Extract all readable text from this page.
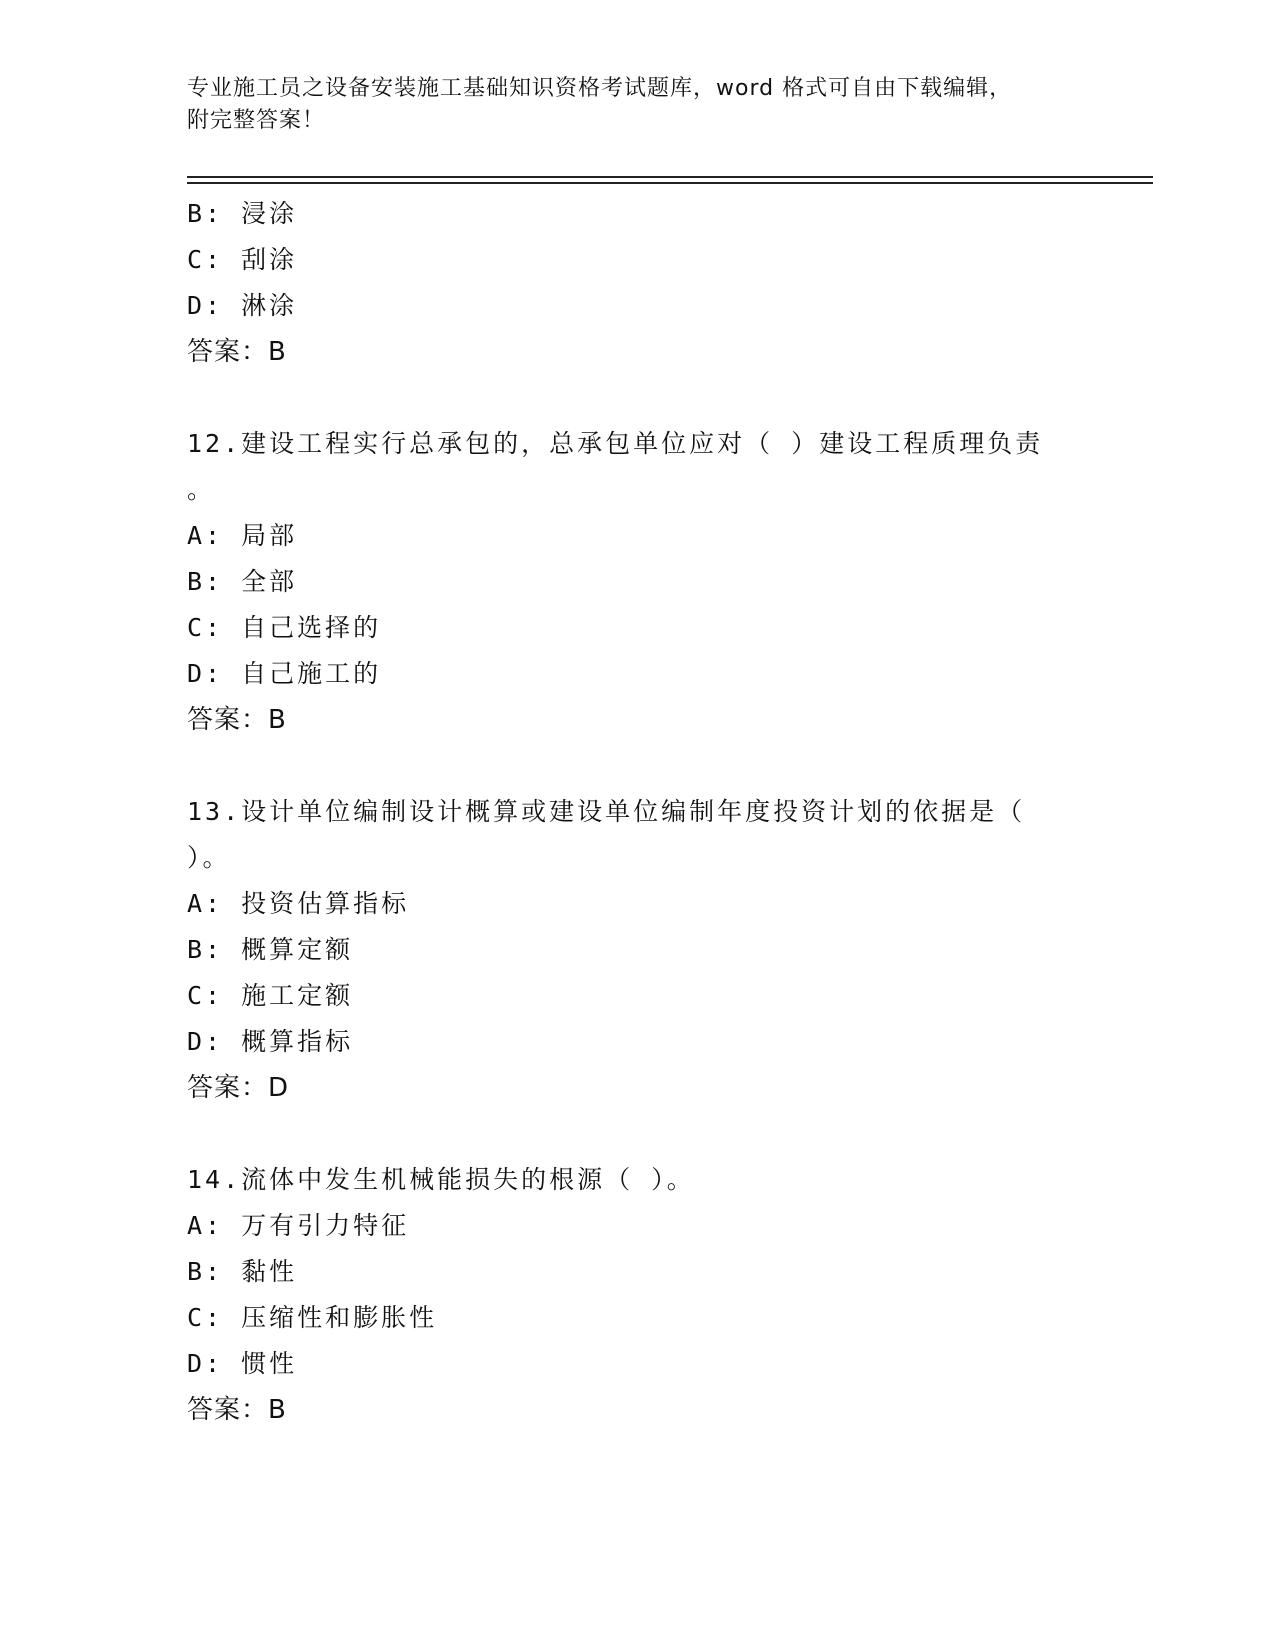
专业施工员之设备安装施工基础知识资格考试题库，word 格式可自由下载编辑，
附完整答案！
B: 浸涂
C: 刮涂
D: 淋涂
答案：B
12.建设工程实行总承包的，总承包单位应对（ ）建设工程质理负责
。
A: 局部
B: 全部
C: 自己选择的
D: 自己施工的
答案：B
13.设计单位编制设计概算或建设单位编制年度投资计划的依据是（
）。
A: 投资估算指标
B: 概算定额
C: 施工定额
D: 概算指标
答案：D
14.流体中发生机械能损失的根源（ ）。
A: 万有引力特征
B: 黏性
C: 压缩性和膨胀性
D: 惯性
答案：B
